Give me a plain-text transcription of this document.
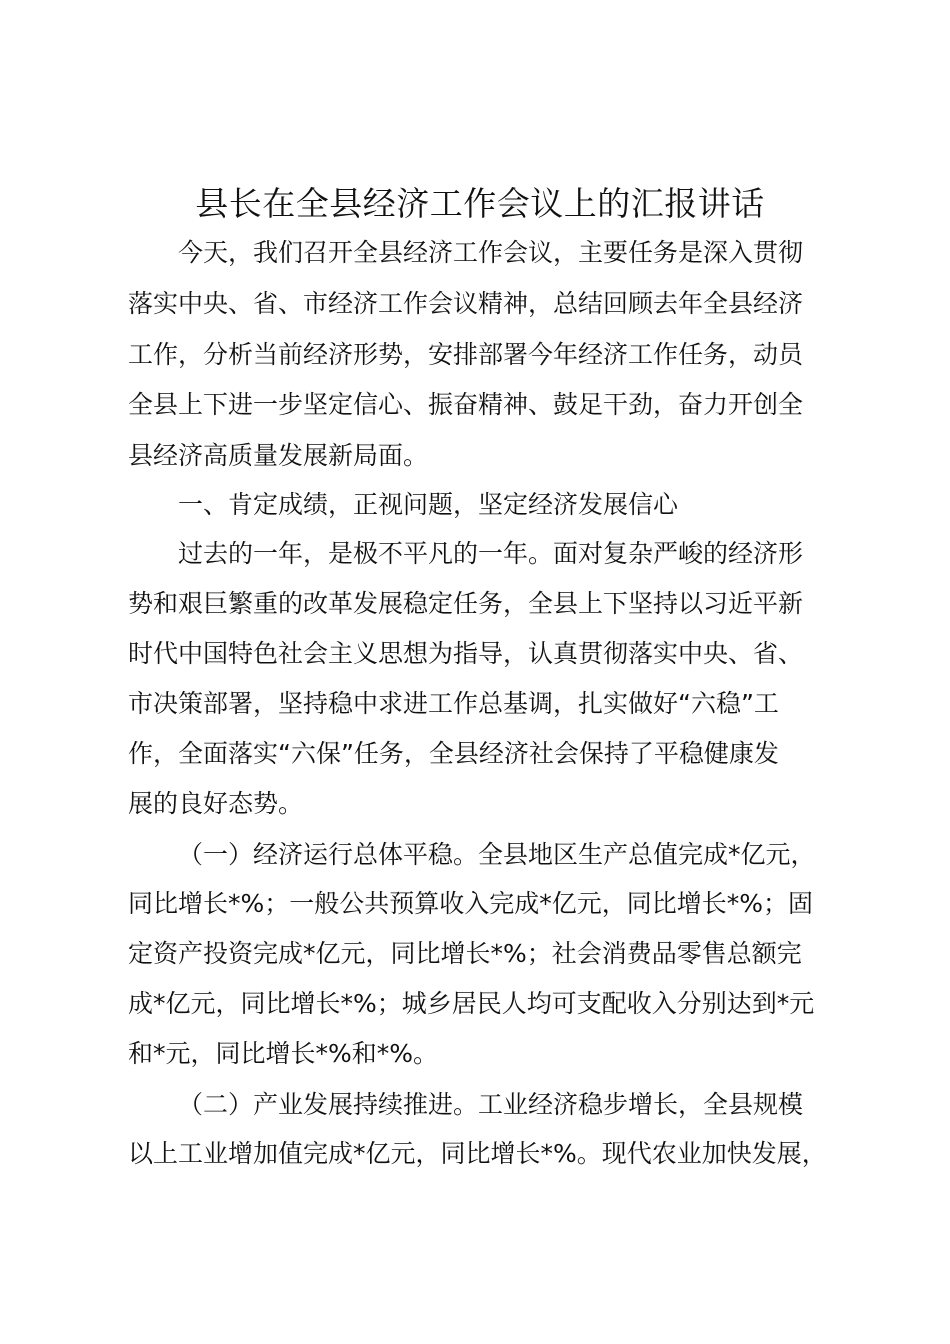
县长在全县经济工作会议上的汇报讲话

今天，我们召开全县经济工作会议，主要任务是深入贯彻

落实中央、省、市经济工作会议精神，总结回顾去年全县经济

工作，分析当前经济形势，安排部署今年经济工作任务，动员

全县上下进一步坚定信心、振奋精神、鼓足干劲，奋力开创全

县经济高质量发展新局面。

一、肯定成绩，正视问题，坚定经济发展信心

过去的一年，是极不平凡的一年。面对复杂严峻的经济形

势和艰巨繁重的改革发展稳定任务，全县上下坚持以习近平新

时代中国特色社会主义思想为指导，认真贯彻落实中央、省、

市决策部署，坚持稳中求进工作总基调，扎实做好“六稳”工

作，全面落实“六保”任务，全县经济社会保持了平稳健康发

展的良好态势。

（一）经济运行总体平稳。全县地区生产总值完成*亿元，

同比增长*%；一般公共预算收入完成*亿元，同比增长*%；固

定资产投资完成*亿元，同比增长*%；社会消费品零售总额完

成*亿元，同比增长*%；城乡居民人均可支配收入分别达到*元

和*元，同比增长*%和*%。

（二）产业发展持续推进。工业经济稳步增长，全县规模

以上工业增加值完成*亿元，同比增长*%。现代农业加快发展，
